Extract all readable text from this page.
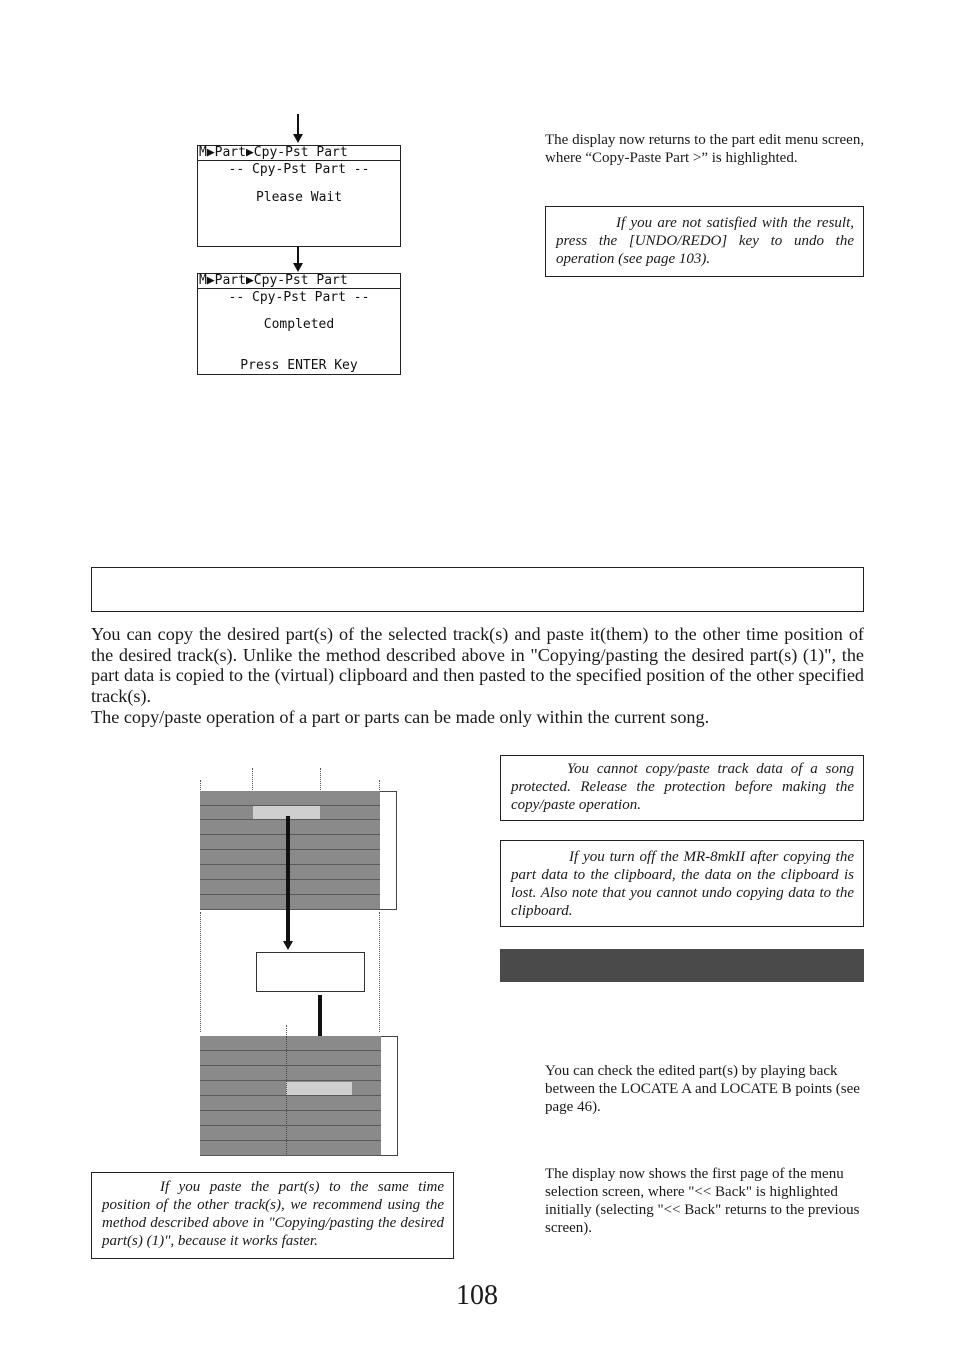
M▶Part▶Cpy-Pst Part
-- Cpy-Pst Part --
Please Wait
M▶Part▶Cpy-Pst Part
-- Cpy-Pst Part --
Completed
Press ENTER Key
The display now returns to the part edit menu screen, where “Copy-Paste Part >” is highlighted.
If you are not satisfied with the result, press the [UNDO/REDO] key to undo the operation (see page 103).
You can copy the desired part(s) of the selected track(s) and paste it(them) to the other time position of the desired track(s). Unlike the method described above in "Copying/pasting the desired part(s) (1)", the part data is copied to the (virtual) clipboard and then pasted to the specified position of the other specified track(s).
The copy/paste operation of a part or parts can be made only within the current song.
You cannot copy/paste track data of a song protected. Release the protection before making the copy/paste operation.
If you turn off the MR-8mkII after copying the part data to the clipboard, the data on the clipboard is lost. Also note that you cannot undo copying data to the clipboard.
You can check the edited part(s) by playing back between the LOCATE A and LOCATE B points (see page 46).
The display now shows the first page of the menu selection screen, where "<< Back" is highlighted initially (selecting "<< Back" returns to the previous screen).
If you paste the part(s) to the same time position of the other track(s), we recommend using the method described above in "Copying/pasting the desired part(s) (1)", because it works faster.
108
